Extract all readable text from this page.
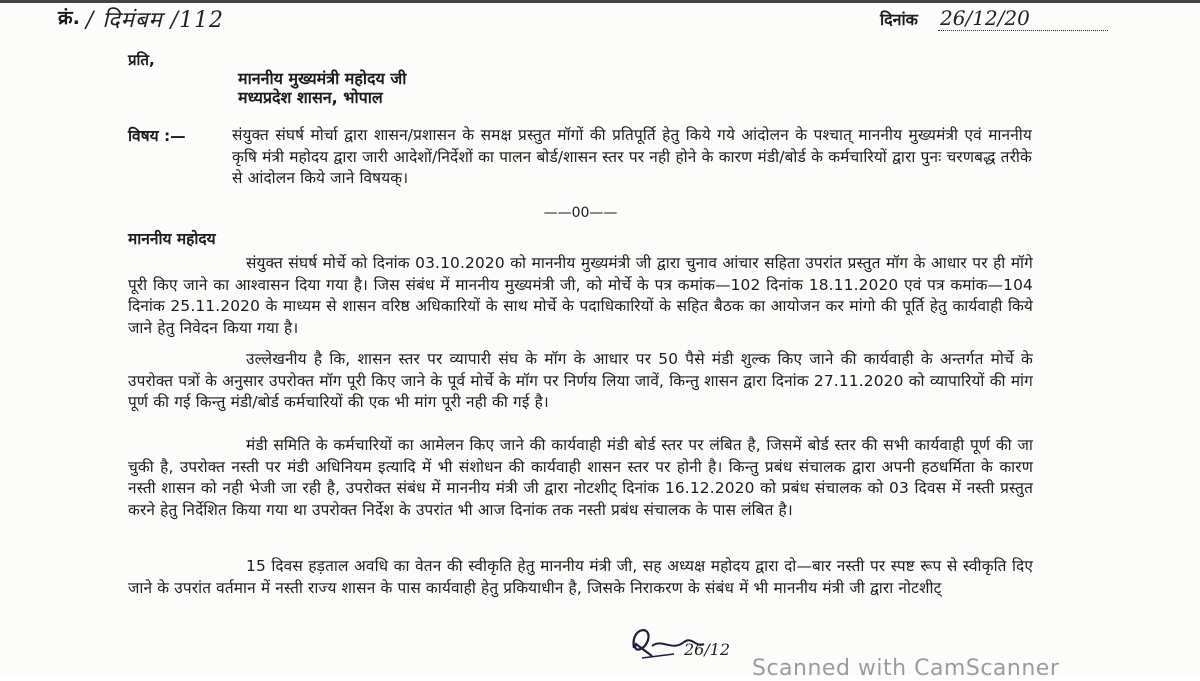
क्रं. / दिमंबम /112	दिनांक 26/12/20
प्रति,
माननीय मुख्यमंत्री महोदय जी
मध्यप्रदेश शासन, भोपाल
विषय :—	संयुक्त संघर्ष मोर्चा द्वारा शासन/प्रशासन के समक्ष प्रस्तुत मॉगों की प्रतिपूर्ति हेतु किये गये आंदोलन के पश्चात् माननीय मुख्यमंत्री एवं माननीय कृषि मंत्री महोदय द्वारा जारी आदेशों/निर्देशों का पालन बोर्ड/शासन स्तर पर नही होने के कारण मंडी/बोर्ड के कर्मचारियों द्वारा पुनः चरणबद्ध तरीके से आंदोलन किये जाने विषयक्।
——00——
माननीय महोदय
संयुक्त संघर्ष मोर्चे को दिनांक 03.10.2020 को माननीय मुख्यमंत्री जी द्वारा चुनाव आंचार सहिता उपरांत प्रस्तुत मॉग के आधार पर ही मॉगे पूरी किए जाने का आश्वासन दिया गया है। जिस संबंध में माननीय मुख्यमंत्री जी, को मोर्चे के पत्र कमांक—102 दिनांक 18.11.2020 एवं पत्र कमांक—104 दिनांक 25.11.2020 के माध्यम से शासन वरिष्ठ अधिकारियों के साथ मोर्चे के पदाधिकारियों के सहित बैठक का आयोजन कर मांगो की पूर्ति हेतु कार्यवाही किये जाने हेतु निवेदन किया गया है।
उल्लेखनीय है कि, शासन स्तर पर व्यापारी संघ के मॉग के आधार पर 50 पैसे मंडी शुल्क किए जाने की कार्यवाही के अन्तर्गत मोर्चे के उपरोक्त पत्रों के अनुसार उपरोक्त मॉग पूरी किए जाने के पूर्व मोर्चे के मॉग पर निर्णय लिया जावें, किन्तु शासन द्वारा दिनांक 27.11.2020 को व्यापारियों की मांग पूर्ण की गई किन्तु मंडी/बोर्ड कर्मचारियों की एक भी मांग पूरी नही की गई है।
मंडी समिति के कर्मचारियों का आमेलन किए जाने की कार्यवाही मंडी बोर्ड स्तर पर लंबित है, जिसमें बोर्ड स्तर की सभी कार्यवाही पूर्ण की जा चुकी है, उपरोक्त नस्ती पर मंडी अधिनियम इत्यादि में भी संशोधन की कार्यवाही शासन स्तर पर होनी है। किन्तु प्रबंध संचालक द्वारा अपनी हठधर्मिता के कारण नस्ती शासन को नही भेजी जा रही है, उपरोक्त संबंध में माननीय मंत्री जी द्वारा नोटशीट् दिनांक 16.12.2020 को प्रबंध संचालक को 03 दिवस में नस्ती प्रस्तुत करने हेतु निर्देशित किया गया था उपरोक्त निर्देश के उपरांत भी आज दिनांक तक नस्ती प्रबंध संचालक के पास लंबित है।
15 दिवस हड़ताल अवधि का वेतन की स्वीकृति हेतु माननीय मंत्री जी, सह अध्यक्ष महोदय द्वारा दो—बार नस्ती पर स्पष्ट रूप से स्वीकृति दिए जाने के उपरांत वर्तमान में नस्ती राज्य शासन के पास कार्यवाही हेतु प्रकियाधीन है, जिसके निराकरण के संबंध में भी माननीय मंत्री जी द्वारा नोटशीट्
26/12
Scanned with CamScanner
